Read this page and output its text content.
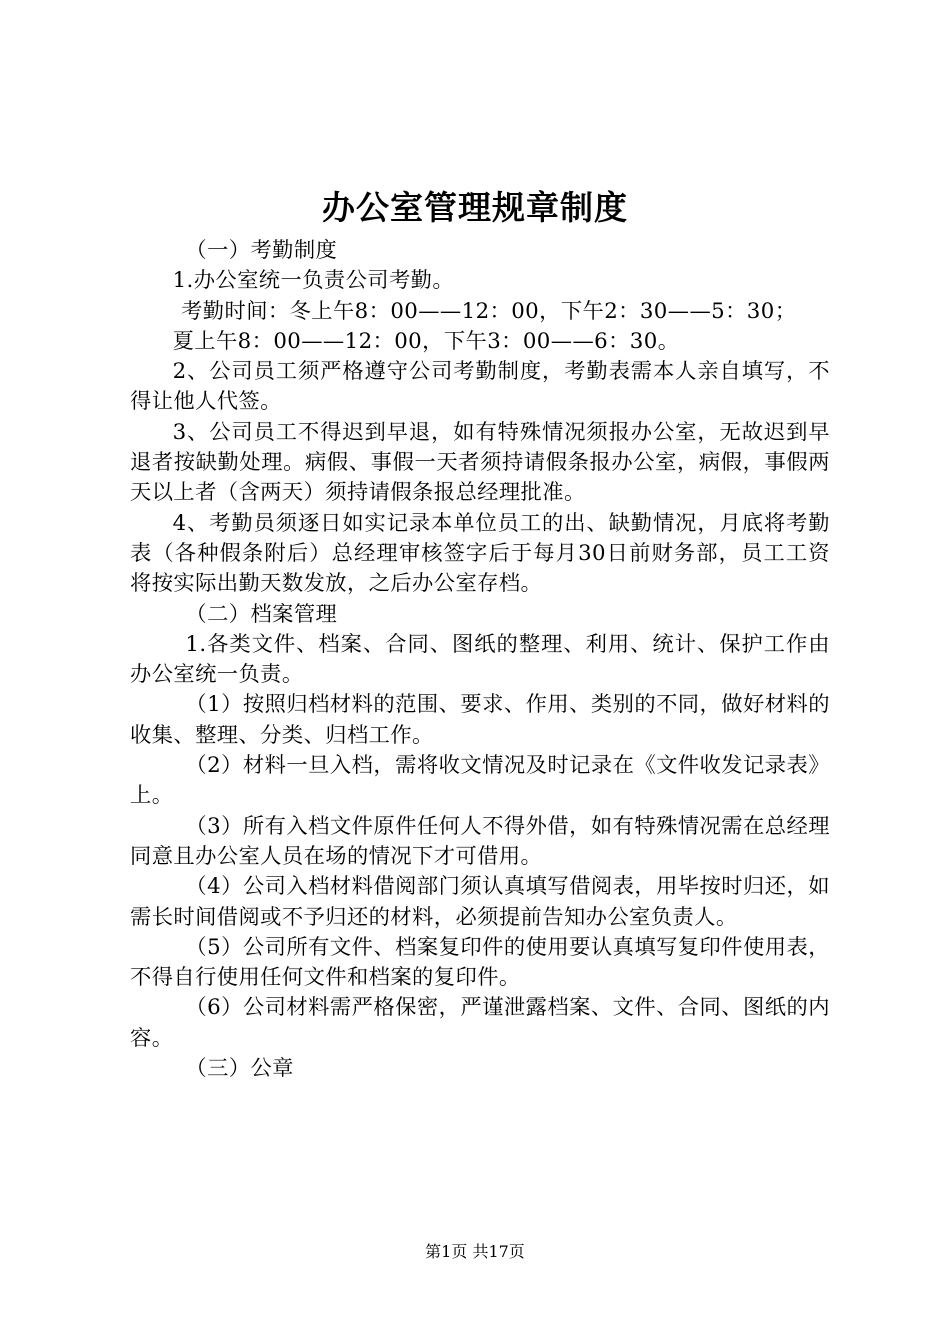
办公室管理规章制度

（一）考勤制度

1.办公室统一负责公司考勤。

考勤时间：冬上午8：00——12：00，下午2：30——5：30；

夏上午8：00——12：00，下午3：00——6：30。

2、公司员工须严格遵守公司考勤制度，考勤表需本人亲自填写，不得让他人代签。

3、公司员工不得迟到早退，如有特殊情况须报办公室，无故迟到早退者按缺勤处理。病假、事假一天者须持请假条报办公室，病假，事假两天以上者（含两天）须持请假条报总经理批准。

4、考勤员须逐日如实记录本单位员工的出、缺勤情况，月底将考勤表（各种假条附后）总经理审核签字后于每月30日前财务部，员工工资将按实际出勤天数发放，之后办公室存档。

（二）档案管理

1.各类文件、档案、合同、图纸的整理、利用、统计、保护工作由办公室统一负责。

（1）按照归档材料的范围、要求、作用、类别的不同，做好材料的收集、整理、分类、归档工作。

（2）材料一旦入档，需将收文情况及时记录在《文件收发记录表》上。

（3）所有入档文件原件任何人不得外借，如有特殊情况需在总经理同意且办公室人员在场的情况下才可借用。

（4）公司入档材料借阅部门须认真填写借阅表，用毕按时归还，如需长时间借阅或不予归还的材料，必须提前告知办公室负责人。

（5）公司所有文件、档案复印件的使用要认真填写复印件使用表，不得自行使用任何文件和档案的复印件。

（6）公司材料需严格保密，严谨泄露档案、文件、合同、图纸的内容。

（三）公章

第1页 共17页
